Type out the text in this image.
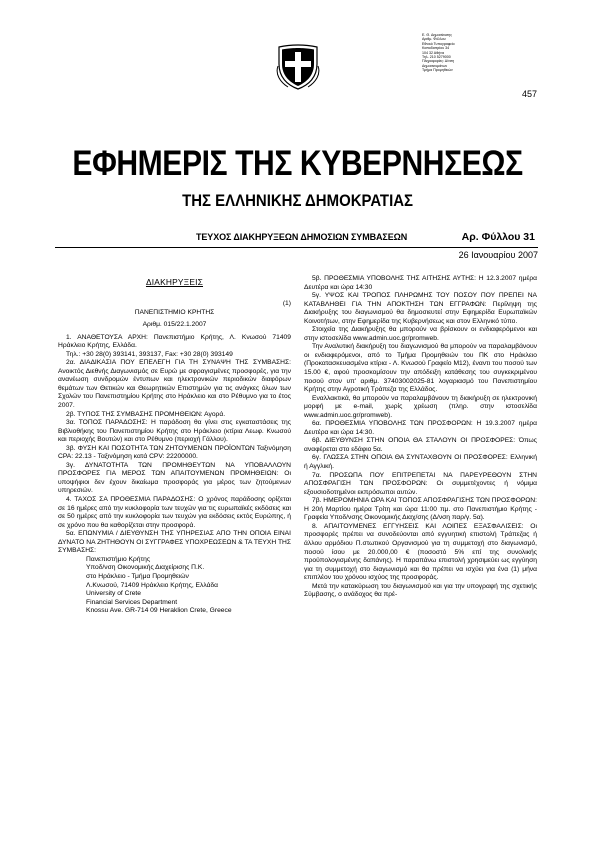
Ε. Θ. Δημοσίευσης
Αριθμ. Φύλλου
Εθνικό Τυπογραφείο
Καποδιστρίου 34
104 32 Αθήνα
Τηλ. 210 5279000
Πληροφορίες: Δ/νση
Δημοσιευμάτων
Τμήμα Προμηθειών
457
ΕΦΗΜΕΡΙΣ ΤΗΣ ΚΥΒΕΡΝΗΣΕΩΣ
ΤΗΣ ΕΛΛΗΝΙΚΗΣ ΔΗΜΟΚΡΑΤΙΑΣ
ΤΕΥΧΟΣ ΔΙΑΚΗΡΥΞΕΩΝ ΔΗΜΟΣΙΩΝ ΣΥΜΒΑΣΕΩΝ	Αρ. Φύλλου 31
26 Ιανουαρίου 2007
ΔΙΑΚΗΡΥΞΕΙΣ

(1)

ΠΑΝΕΠΙΣΤΗΜΙΟ ΚΡΗΤΗΣ

Αριθμ. 015/22.1.2007

1. ΑΝΑΘΕΤΟΥΣΑ ΑΡΧΗ: Πανεπιστήμιο Κρήτης, Λ. Κνωσού 71409 Ηράκλειο Κρήτης, Ελλάδα.

Τηλ.: +30 28(0) 393141, 393137, Fax: +30 28(0) 393149

2α. ΔΙΑΔΙΚΑΣΙΑ ΠΟΥ ΕΠΕΛΕΓΗ ΓΙΑ ΤΗ ΣΥΝΑΨΗ ΤΗΣ ΣΥΜΒΑΣΗΣ: Ανοικτός Διεθνής Διαγωνισμός σε Ευρώ με σφραγισμένες προσφορές, για την ανανέωση συνδρομών έντυπων και ηλεκτρονικών περιοδικών διαφόρων θεμάτων των Θετικών και Θεωρητικών Επιστημών για τις ανάγκες όλων των Σχολών του Πανεπιστημίου Κρήτης στο Ηράκλειο και στο Ρέθυμνο για το έτος 2007.

2β. ΤΥΠΟΣ ΤΗΣ ΣΥΜΒΑΣΗΣ ΠΡΟΜΗΘΕΙΩΝ: Αγορά.

3α. ΤΟΠΟΣ ΠΑΡΑΔΟΣΗΣ: Η παράδοση θα γίνει στις εγκαταστάσεις της Βιβλιοθήκης του Πανεπιστημίου Κρήτης στο Ηράκλειο (κτίρια Λεωφ. Κνωσού και περιοχής Βουτών) και στο Ρέθυμνο (περιοχή Γάλλου).

3β. ΦΥΣΗ ΚΑΙ ΠΟΣΟΤΗΤΑ ΤΩΝ ΖΗΤΟΥΜΕΝΩΝ ΠΡΟΪΟΝΤΩΝ Ταξινόμηση CPA: 22.13 - Ταξινόμηση κατά CPV: 22200000.

3γ. ΔΥΝΑΤΟΤΗΤΑ ΤΩΝ ΠΡΟΜΗΘΕΥΤΩΝ ΝΑ ΥΠΟΒΑΛΛΟΥΝ ΠΡΟΣΦΟΡΕΣ ΓΙΑ ΜΕΡΟΣ ΤΩΝ ΑΠΑΙΤΟΥΜΕΝΩΝ ΠΡΟΜΗΘΕΙΩΝ: Οι υποψήφιοι δεν έχουν δικαίωμα προσφοράς για μέρος των ζητούμενων υπηρεσιών.

4. ΤΑΧΟΣ ΣΑ ΠΡΟΘΕΣΜΙΑ ΠΑΡΑΔΟΣΗΣ: Ο χρόνος παράδοσης ορίζεται σε 16 ημέρες από την κυκλοφορία των τευχών για τις ευρωπαϊκές εκδόσεις και σε 50 ημέρες από την κυκλοφορία των τευχών για εκδόσεις εκτός Ευρώπης, ή σε χρόνο που θα καθορίζεται στην προσφορά.

5α. ΕΠΩΝΥΜΙΑ / ΔΙΕΥΘΥΝΣΗ ΤΗΣ ΥΠΗΡΕΣΙΑΣ ΑΠΟ ΤΗΝ ΟΠΟΙΑ ΕΙΝΑΙ ΔΥΝΑΤΟ ΝΑ ΖΗΤΗΘΟΥΝ ΟΙ ΣΥΓΓΡΑΦΕΣ ΥΠΟΧΡΕΩΣΕΩΝ & ΤΑ ΤΕΥΧΗ ΤΗΣ ΣΥΜΒΑΣΗΣ:

Πανεπιστήμιο Κρήτης

Υποδ/νση Οικονομικής Διαχείρισης Π.Κ.

στο Ηράκλειο - Τμήμα Προμηθειών

Λ.Κνωσού, 71409 Ηράκλειο Κρήτης, Ελλάδα

University of Crete

Financial Services Department

Knossu Ave. GR-714 09 Heraklion Crete, Greece

5β. ΠΡΟΘΕΣΜΙΑ ΥΠΟΒΟΛΗΣ ΤΗΣ ΑΙΤΗΣΗΣ ΑΥΤΗΣ: Η 12.3.2007 ημέρα Δευτέρα και ώρα 14:30

5γ. ΥΨΟΣ ΚΑΙ ΤΡΟΠΟΣ ΠΛΗΡΩΜΗΣ ΤΟΥ ΠΟΣΟΥ ΠΟΥ ΠΡΕΠΕΙ ΝΑ ΚΑΤΑΒΛΗΘΕΙ ΓΙΑ ΤΗΝ ΑΠΟΚΤΗΣΗ ΤΩΝ ΕΓΓΡΑΦΩΝ: Περίληψη της Διακήρυξης του διαγωνισμού θα δημοσιευτεί στην Εφημερίδα Ευρωπαϊκών Κοινοτήτων, στην Εφημερίδα της Κυβερνήσεως και στον Ελληνικό τύπο.

Στοιχεία της Διακήρυξης θα μπορούν να βρίσκουν οι ενδιαφερόμενοι και στην ιστοσελίδα www.admin.uoc.gr/promweb.

Την Αναλυτική διακήρυξη του διαγωνισμού θα μπορούν να παραλαμβάνουν οι ενδιαφερόμενοι, από το Τμήμα Προμηθειών του ΠΚ στο Ηράκλειο (Προκατασκευασμένα κτίρια - Λ. Κνωσού Γραφείο Μ12), έναντι του ποσού των 15.00 €, αφού προσκομίσουν την απόδειξη κατάθεσης του συγκεκριμένου ποσού στον υπ' αριθμ. 37403002025-81 λογαριασμό του Πανεπιστημίου Κρήτης στην Αγροτική Τράπεζα της Ελλάδος.

Εναλλακτικά, θα μπορούν να παραλαμβάνουν τη διακήρυξη σε ηλεκτρονική μορφή με e-mail, χωρίς χρέωση (πληρ. στην ιστοσελίδα www.admin.uoc.gr/promweb).

6α. ΠΡΟΘΕΣΜΙΑ ΥΠΟΒΟΛΗΣ ΤΩΝ ΠΡΟΣΦΟΡΩΝ: Η 19.3.2007 ημέρα Δευτέρα και ώρα 14:30.

6β. ΔΙΕΥΘΥΝΣΗ ΣΤΗΝ ΟΠΟΙΑ ΘΑ ΣΤΑΛΟΥΝ ΟΙ ΠΡΟΣΦΟΡΕΣ: Όπως αναφέρεται στο εδάφιο 5α.

6γ. ΓΛΩΣΣΑ ΣΤΗΝ ΟΠΟΙΑ ΘΑ ΣΥΝΤΑΧΘΟΥΝ ΟΙ ΠΡΟΣΦΟΡΕΣ: Ελληνική ή Αγγλική.

7α. ΠΡΟΣΩΠΑ ΠΟΥ ΕΠΙΤΡΕΠΕΤΑΙ ΝΑ ΠΑΡΕΥΡΕΘΟΥΝ ΣΤΗΝ ΑΠΟΣΦΡΑΓΙΣΗ ΤΩΝ ΠΡΟΣΦΟΡΩΝ: Οι συμμετέχοντες ή νόμιμα εξουσιοδοτημένοι εκπρόσωποι αυτών.

7β. ΗΜΕΡΟΜΗΝΙΑ ΩΡΑ ΚΑΙ ΤΟΠΟΣ ΑΠΟΣΦΡΑΓΙΣΗΣ ΤΩΝ ΠΡΟΣΦΟΡΩΝ: Η 20ή Μαρτίου ημέρα Τρίτη και ώρα 11:00 πμ. στο Πανεπιστήμιο Κρήτης - Γραφεία Υποδ/νσης Οικονομικής Διαχ/σης (Δ/νση παρ/γ. 5α).

8. ΑΠΑΙΤΟΥΜΕΝΕΣ ΕΓΓΥΗΣΕΙΣ ΚΑΙ ΛΟΙΠΕΣ ΕΞΑΣΦΑΛΙΣΕΙΣ: Οι προσφορές πρέπει να συνοδεύονται από εγγυητική επιστολή Τράπεζας ή άλλου αρμόδιου Π.στωτικού Οργανισμού για τη συμμετοχή στο διαγωνισμό, ποσού ίσου με 20.000,00 € (ποσοστό 5% επί της συνολικής προϋπολογισμένης δαπάνης). Η παραπάνω επιστολή χρησιμεύει ως εγγύηση για τη συμμετοχή στο διαγωνισμό και θα πρέπει να ισχύει για ένα (1) μήνα επιπλέον του χρόνου ισχύος της προσφοράς.

Μετά την κατακύρωση του διαγωνισμού και για την υπογραφή της σχετικής Σύμβασης, ο ανάδοχος θα πρέ-
